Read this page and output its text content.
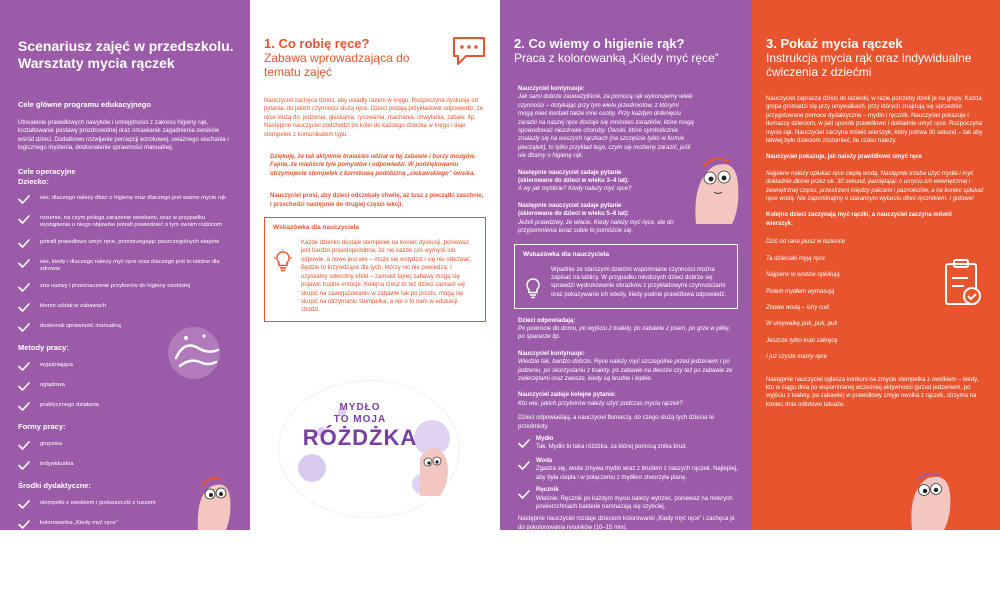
Scenariusz zajęć w przedszkolu. Warsztaty mycia rączek
Cele główne programu edukacyjnego
Utrwalenie prawidłowych nawyków i umiejętności z zakresu higieny rąk, kształtowanie postawy prozdrowotnej oraz omawianie zagadnienia owsików wśród dzieci. Dodatkowo rozwijanie percepcji wzrokowej, uważnego słuchania i logicznego myślenia, doskonalenie sprawności manualnej.
Cele operacyjne
Dziecko:
wie, dlaczego należy dbać o higienę oraz dlaczego jest ważne mycie rąk
rozumie, na czym polega zarażenie owsikami, oraz w przypadku wystąpienia u niego objawów potrafi powiedzieć o tym swoim rodzicom
potrafi prawidłowo umyć ręce, przestrzegając poszczególnych etapów
wie, kiedy i dlaczego należy myć ręce oraz dlaczego jest to istotne dla zdrowia
zna nazwy i przeznaczenie przyborów do higieny osobistej
bierze udział w zabawach
doskonali sprawność manualną
Metody pracy:
wyjaśniająca
oglądowa
praktycznego działania
Formy pracy:
grupowa
indywidualna
Środki dydaktyczne:
stempelki z owsikiem i poduszeczki z tuszem
kolorowanka „Kiedy myć ręce”
instrukcja „Jak myć ręce”
mydło
tatuaże (nagroda za zmycie owsika)
1. Co robię ręce?
Zabawa wprowadzająca do tematu zajęć
Nauczyciel zachęca dzieci, aby usiadły razem w kręgu. Rozpoczyna dyskusję od pytania, do jakich czynności służą ręce. Dzieci podają przykładowe odpowiedzi, że ręce służą do: jedzenia, głaskania, rysowania, machania, chwytania, zabaw, itp. Następnie nauczyciel podchodzi po kolei do każdego dziecka w kręgu i daje stempelek z komunikatem typu:
Dziękuję, że tak aktywnie bralaś/eś udział w tej zabawie i burzy mózgów. Fajnie, że mieliście tyle pomysłów i odpowiedzi. W podziękowaniu otrzymujecie stempelek z kornikową podobizną „ciekawskiego” owsika.
Nauczyciel prosi, aby dzieci odczekały chwilę, aż tusz z pieczątki zaschnie, i przechodzi następnie do drugiej części lekcji.
Wskazówka dla nauczyciela
Każde dziecko dostaje stempelek na koniec dyskusji, ponieważ jest bardzo prawdopodobne, że nie każde coś wymyśli lub odpowie, a nowe jest wie – może się wstydzić i się nie odezwać. Będzie to krzywdzące dla tych, którzy nic nie powiedzą. I uzyskamy odwrotny efekt – zamiast fajnej zabawy mogą się pojawić trudne emocje. Kolejna rzecz to też dzieci zamiast się skupić na zaangażowaniu w zabawie tak po prostu, mogą się skupić na otrzymaniu stempelka, a nie o to nam w edukacji chodzi.
MYDŁO
TO MOJA
RÓŻDŻKA
2. Co wiemy o higienie rąk?
Praca z kolorowanką „Kiedy myć ręce”
Nauczyciel kontynuuje:
Jak sami dobrze zauważyliście, za pomocą rąk wykonujemy wiele czynności – dotykając przy tym wielu przedmiotów, z którymi mogą mieć kontakt także inne osoby. Przy każdym dotknięciu zarazki na naszej ręce dostaje się mnóstwo zarazków, które mogą spowodować niezdrowe choroby. Owsiki, które symbolicznie znalazły się na waszych rączkach (na szczęście tylko w formie pieczątek), to tylko przykład tego, czym się możemy zarazić, jeśli nie dbamy o higienę rąk.
Następnie nauczyciel zadaje pytanie
(skierowane do dzieci w wieku 3–4 lat):
A wy jak myślicie? Kiedy należy myć ręce?
Następnie nauczyciel zadaje pytanie
(skierowane do dzieci w wieku 5–6 lat):
Jeżeli prawdziwy, że włacie. Kiedy należy myć ręce, ale do przypomnienia teraz sobie to pomóżcie się.
Wskazówka dla nauczyciela
Wpadnie ze starszymi dziećmi wspomniane czynności można zapisać na tablicy. W przypadku młodszych dzieci dobrze się sprawdzi wydrukowanie obrazków z przykładowymi czynnościami oraz pokazywanie ich wtedy, kiedy podnie prawidłowa odpowiedź.
Dzieci odpowiadają:
Po powrocie do domu, po wyjściu z toalety, po zabawie z psem, po grze w piłkę, po spacerze itp.
Nauczyciel kontynuuje:
Wiedzie tak, bardzo dobrze. Ręce należy myć szczególnie przed jedzeniem i po jedzeniu, po skorzystaniu z toalety, po zabawie na dworze czy też po zabawie ze zwierzętami oraz zawsze, kiedy są brudne i lepkie.
Nauczyciel zadaje kolejne pytanie:
Kto wie, jakich przyborów należy użyć podczas mycia rączek?
Dzieci odpowiadają, a nauczyciel tłumaczy, do czego służą tych dziecia te przedmioty.
Mydło
Tak. Mydło to taka różdżka, za której pomocą znika brud.
Woda
Zgadza się, woda zmywa mydło wraz z brudem z naszych rączek. Najlepiej, aby była ciepła i w połączeniu z mydłem stworzyła pianę.
Ręcznik
Właśnie. Ręcznik po każdym myciu należy wytrzeć, ponieważ na mokrych powierzchniach bakterie namnażają się szybciej.
Następnie nauczyciel rozdaje dzieciom kolorowanki „Kiedy myć ręce” i zachęca je do pokolorowania rysunków (10–15 min).
3. Pokaż mycia rączek
Instrukcja mycia rąk oraz indywidualne ćwiczenia z dziećmi
Nauczyciel zaprasza dzieci do łazienki, w razie potrzeby dzieli je na grupy. Każda grupa gromadzi się przy umywalkach, przy których znajdują się uprzednio przygotowane pomoce dydaktyczne – mydło i ręcznik. Nauczyciel pokazuje i tłumaczy dzieciom, w jaki sposób prawidłowo i dokładnie umyć ręce. Rozpoczyna mycie rąk. Nauczyciel zaczyna mówić wierszyk, który potrwa 30 sekund – tak aby łatwiej było dzieciom zrozumieć, ile czasu należy.
Nauczyciel pokazuje, jak należy prawidłowo umyć ręce
Najpierw należy opłukać ręce ciepłą wodą. Następnie trzeba użyć mydła i myć dokładnie dłonie przez ok. 30 sekund, pamiętając o umyciu ich wewnętrznej i zewnętrznej części, przestrzeni między palcami i paznokciów, a na koniec spłukać ręce wodą. Nie zapominajmy o starannym wytarciu dłoni ręcznikiem. I gotowe!
Kolejno dzieci zaczynają myć rączki, a nauczyciel zaczyna mówić wierszyk:
Dziś od rana piusz w łazience
Ta dzieciaki myją ręce
Najpierw w wodzie opłukują
Potem mydłem wymasują
Znowu wodą – ishy cud
W umywalkę puk, puk, puk
Jeszcze tylko kran zakręcę
I już czyste mamy ręce
Następnie nauczyciel ogłasza konkurs na zmycie stempelka z owsikiem – kiedy, kto w ciągu dnia po wspomnianej wcześniej aktywności (przed jedzeniem, po wyjściu z toalety, po zabawie) w prawidłowy zmyje owsika z rączek, otrzyma na koniec dnia odlotowe tatuaże.
